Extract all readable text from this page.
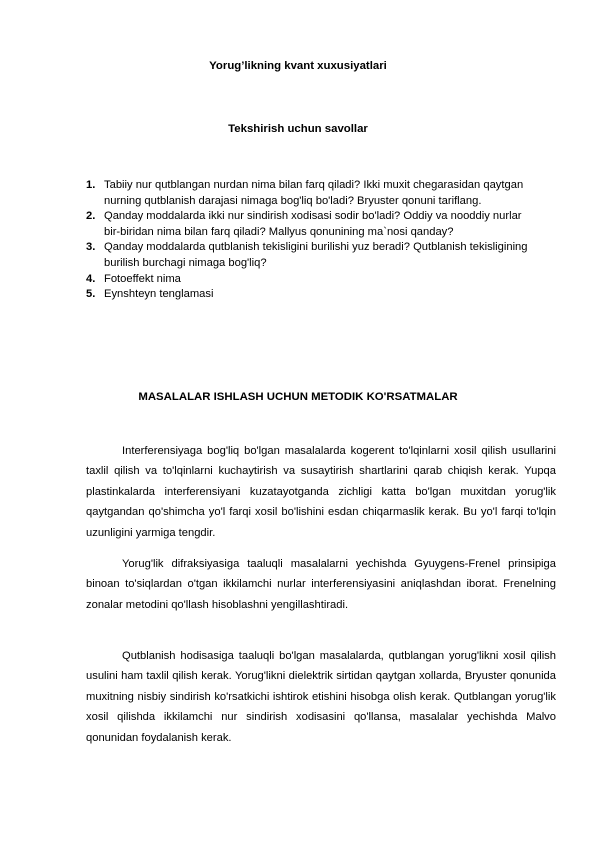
Yorug’likning kvant xuxusiyatlari
Tekshirish uchun savollar
1. Tabiiy nur qutblangan nurdan nima bilan farq qiladi? Ikki muxit chegarasidan qaytgan nurning qutblanish darajasi nimaga bog'liq bo'ladi? Bryuster qonuni tariflang.
2. Qanday moddalarda ikki nur sindirish xodisasi sodir bo'ladi? Oddiy va nooddiy nurlar bir-biridan nima bilan farq qiladi? Mallyus qonunining ma`nosi qanday?
3. Qanday moddalarda qutblanish tekisligini burilishi yuz beradi? Qutblanish tekisligining burilish burchagi nimaga bog'liq?
4. Fotoeffekt nima
5. Eynshteyn tenglamasi
MASALALAR ISHLASH UCHUN METODIK KO'RSATMALAR

Interferensiyaga bog'liq bo'lgan masalalarda kogerent to'lqinlarni xosil qilish usullarini taxlil qilish va to'lqinlarni kuchaytirish va susaytirish shartlarini qarab chiqish kerak. Yupqa plastinkalarda interferensiyani kuzatayotganda zichligi katta bo'lgan muxitdan yorug'lik qaytgandan qo'shimcha yo'l farqi xosil bo'lishini esdan chiqarmaslik kerak. Bu yo'l farqi to'lqin uzunligini yarmiga tengdir.

Yorug'lik difraksiyasiga taaluqli masalalarni yechishda Gyuygens-Frenel prinsipiga binoan to'siqlardan o'tgan ikkilamchi nurlar interferensiyasini aniqlashdan iborat. Frenelning zonalar metodini qo'llash hisoblashni yengillashtiradi.

Qutblanish hodisasiga taaluqli bo'lgan masalalarda, qutblangan yorug'likni xosil qilish usulini ham taxlil qilish kerak. Yorug'likni dielektrik sirtidan qaytgan xollarda, Bryuster qonunida muxitning nisbiy sindirish ko'rsatkichi ishtirok etishini hisobga olish kerak. Qutblangan yorug'lik xosil qilishda ikkilamchi nur sindirish xodisasini qo'llansa, masalalar yechishda Malvo qonunidan foydalanish kerak.
